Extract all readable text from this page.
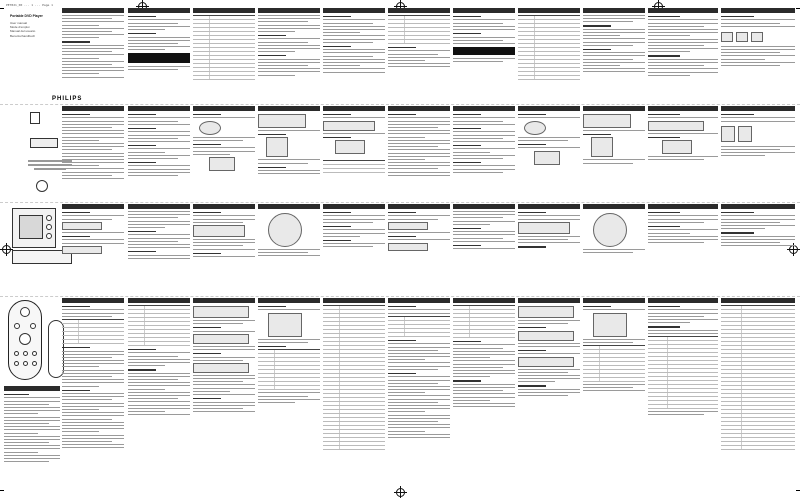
PET821_00 ... 1 ... Page 1
Portable DVD Player
User manual
Mode d'emploi
Manual del usuario
Benutzerhandbuch
PHILIPS
